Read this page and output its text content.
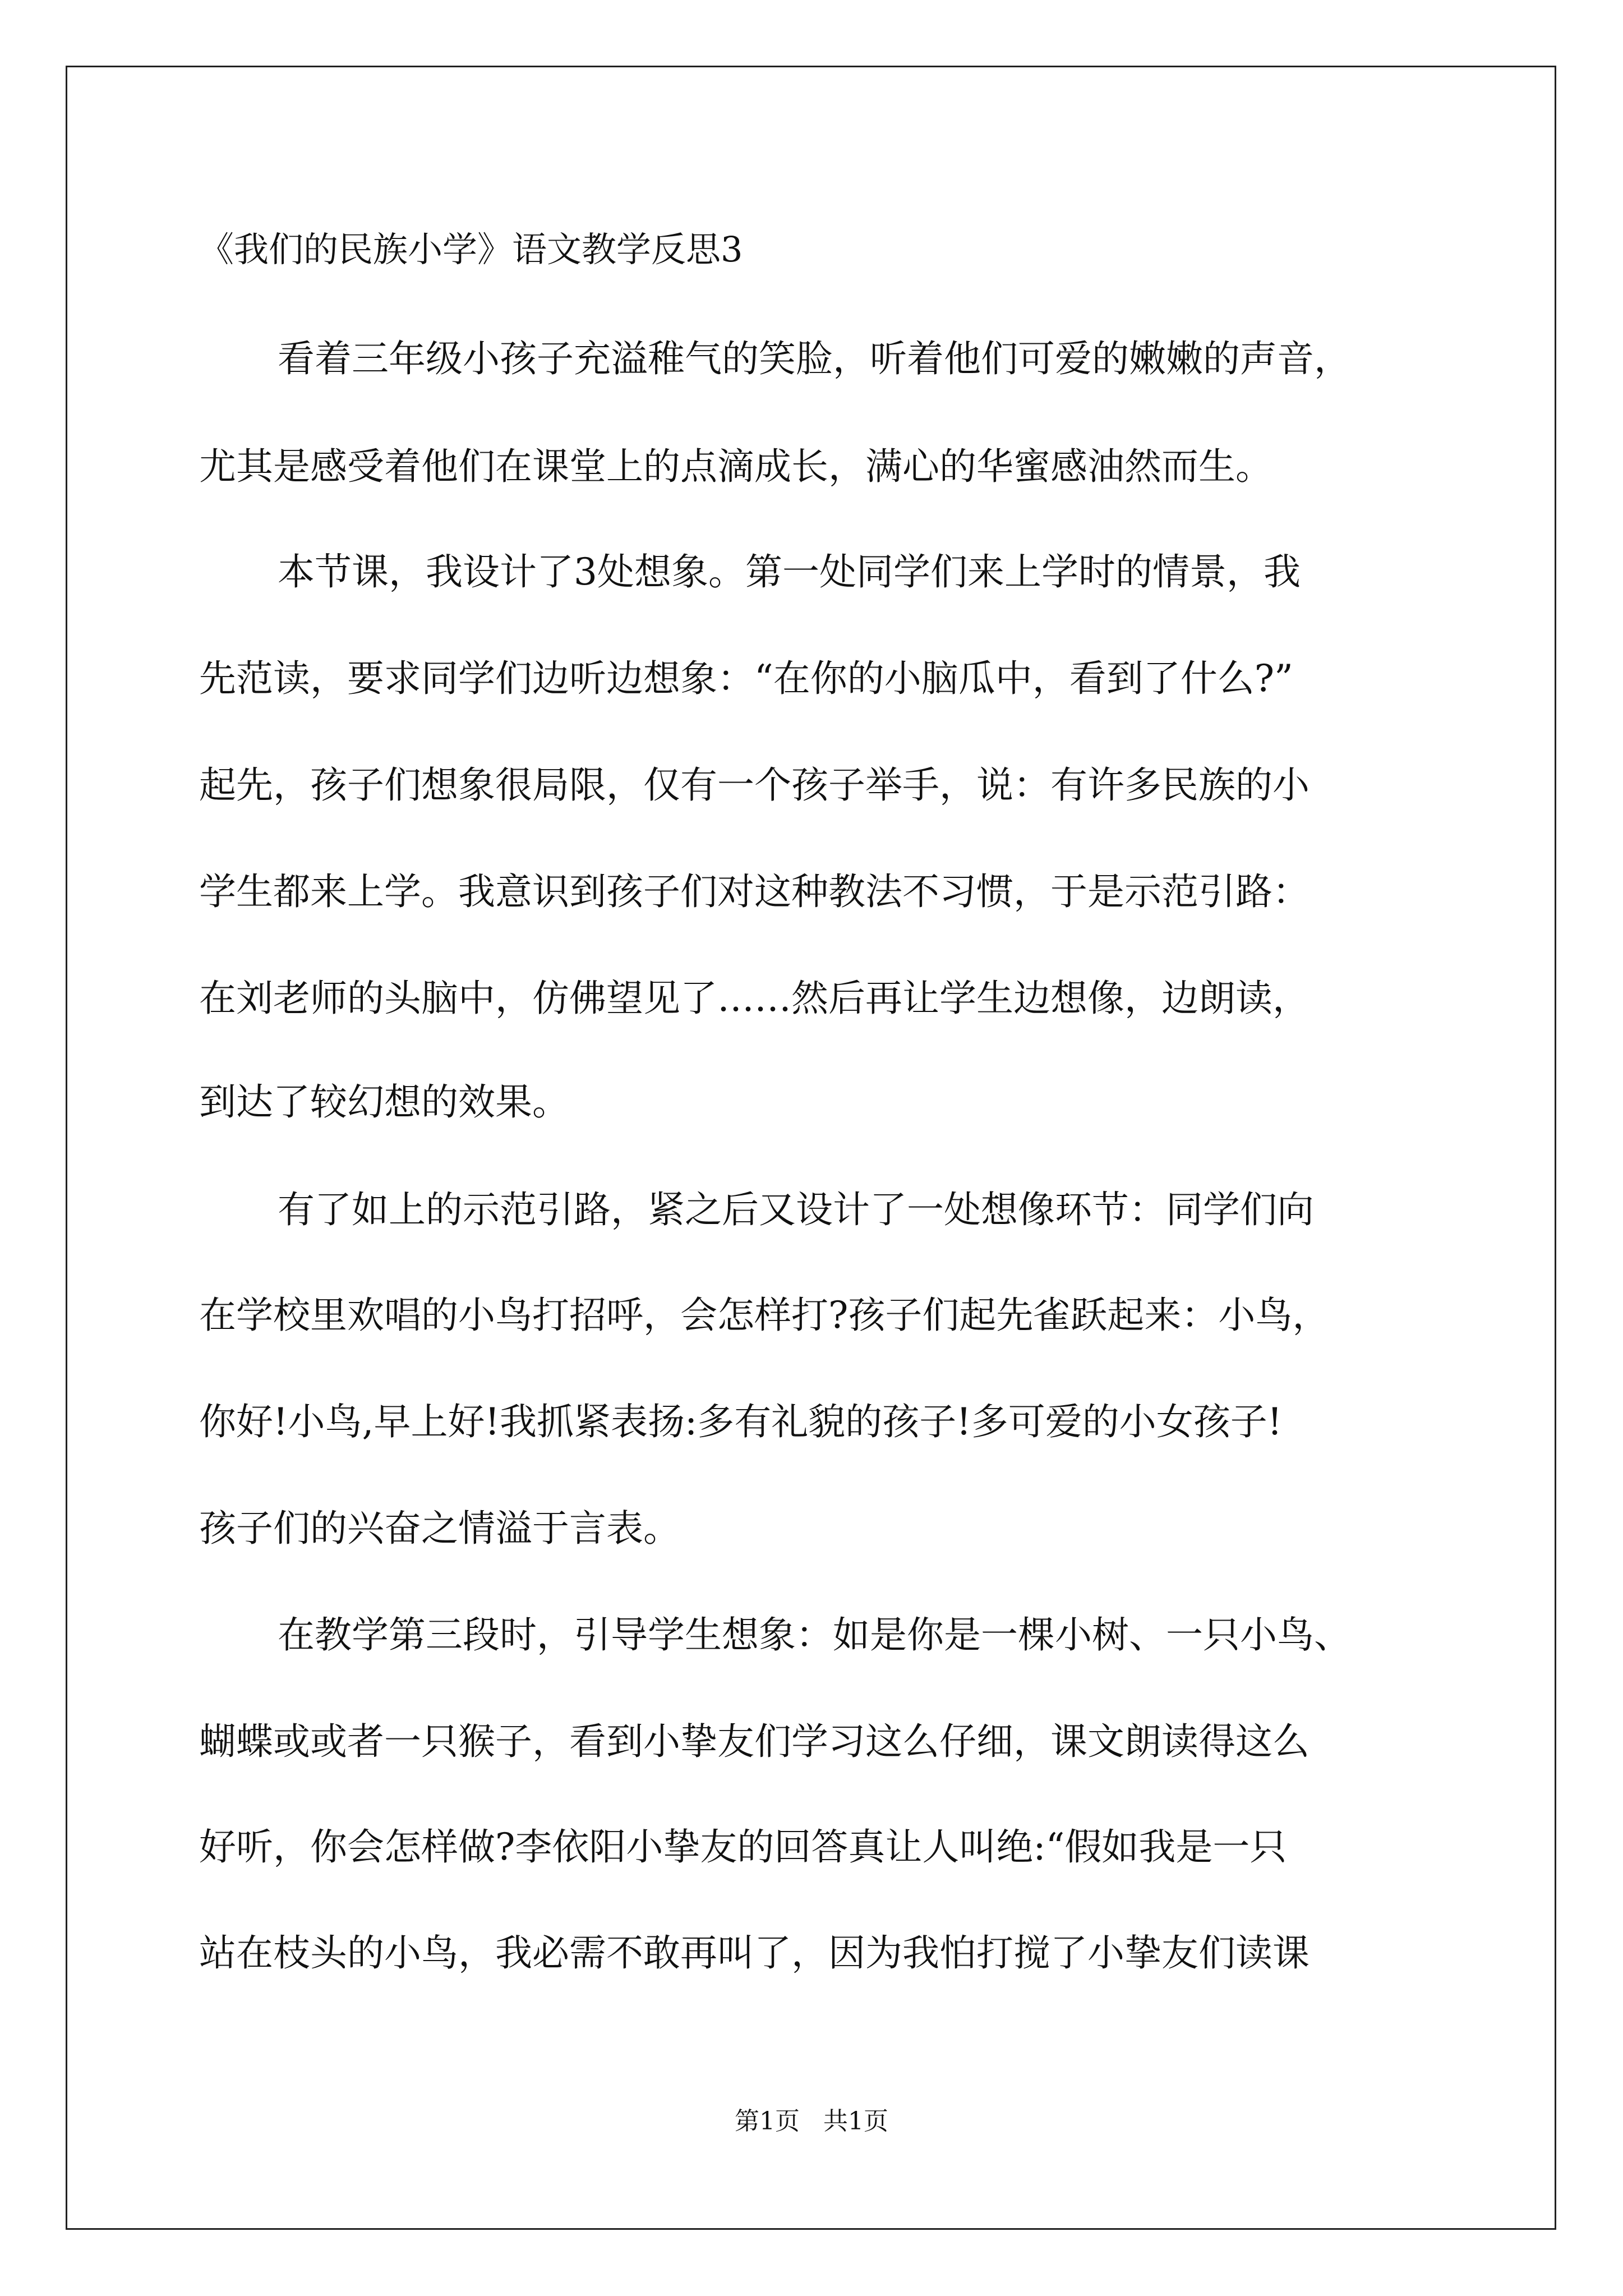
《我们的民族小学》语文教学反思3

看着三年级小孩子充溢稚气的笑脸，听着他们可爱的嫩嫩的声音，

尤其是感受着他们在课堂上的点滴成长，满心的华蜜感油然而生。

本节课，我设计了3处想象。第一处同学们来上学时的情景，我

先范读，要求同学们边听边想象：“在你的小脑瓜中，看到了什么?”

起先，孩子们想象很局限，仅有一个孩子举手，说：有许多民族的小

学生都来上学。我意识到孩子们对这种教法不习惯，于是示范引路：

在刘老师的头脑中，仿佛望见了……然后再让学生边想像，边朗读，

到达了较幻想的效果。

有了如上的示范引路，紧之后又设计了一处想像环节：同学们向

在学校里欢唱的小鸟打招呼，会怎样打?孩子们起先雀跃起来：小鸟，

你好!小鸟,早上好!我抓紧表扬:多有礼貌的孩子!多可爱的小女孩子!

孩子们的兴奋之情溢于言表。

在教学第三段时，引导学生想象：如是你是一棵小树、一只小鸟、

蝴蝶或或者一只猴子，看到小挚友们学习这么仔细，课文朗读得这么

好听，你会怎样做?李依阳小挚友的回答真让人叫绝:“假如我是一只

站在枝头的小鸟，我必需不敢再叫了，因为我怕打搅了小挚友们读课

第1页 共1页
